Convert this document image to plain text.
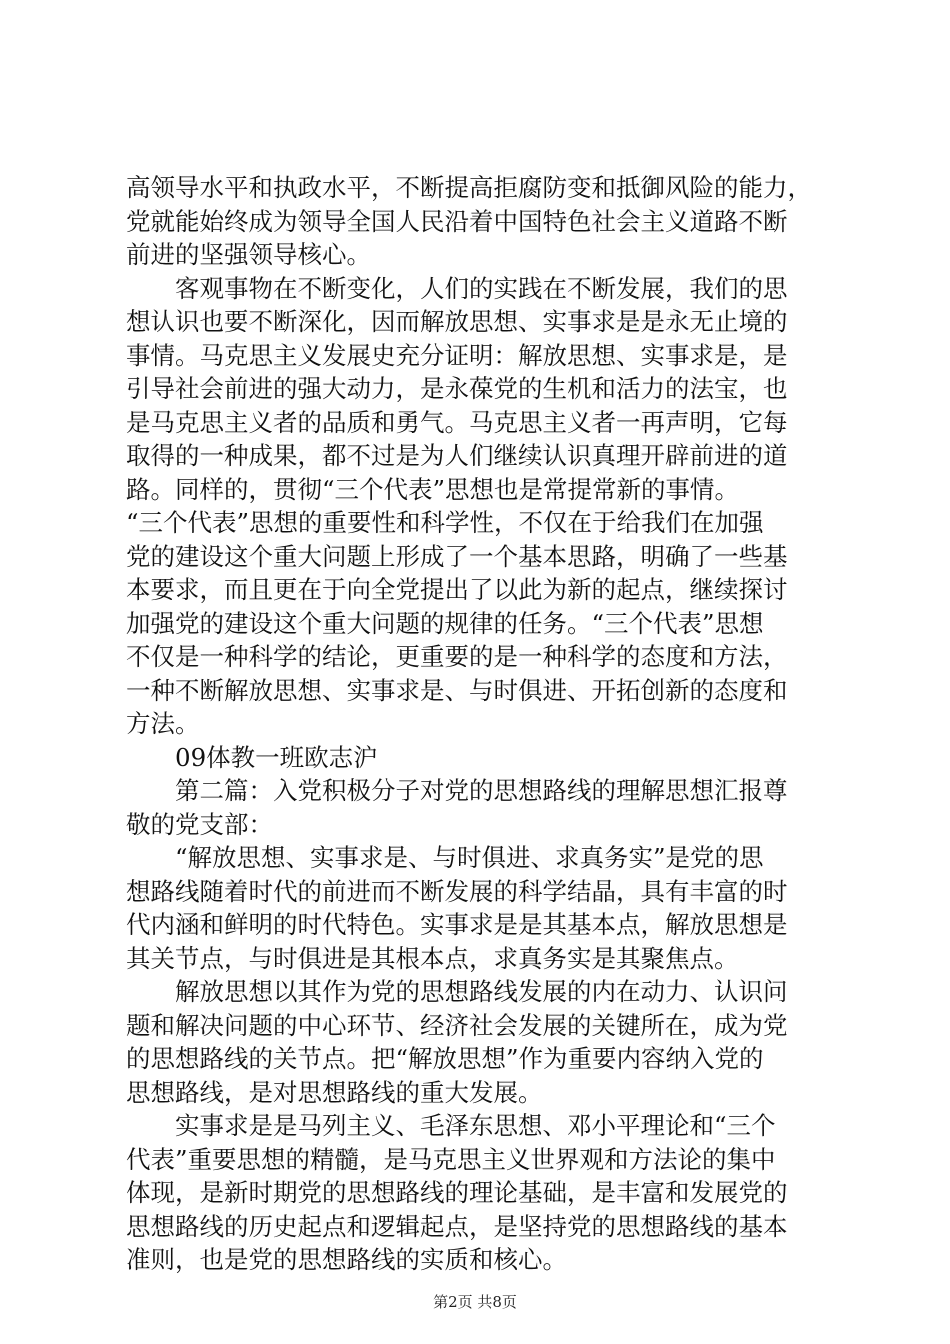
高领导水平和执政水平，不断提高拒腐防变和抵御风险的能力，
党就能始终成为领导全国人民沿着中国特色社会主义道路不断
前进的坚强领导核心。
客观事物在不断变化，人们的实践在不断发展，我们的思
想认识也要不断深化，因而解放思想、实事求是是永无止境的
事情。马克思主义发展史充分证明：解放思想、实事求是，是
引导社会前进的强大动力，是永葆党的生机和活力的法宝，也
是马克思主义者的品质和勇气。马克思主义者一再声明，它每
取得的一种成果，都不过是为人们继续认识真理开辟前进的道
路。同样的，贯彻“三个代表”思想也是常提常新的事情。
“三个代表”思想的重要性和科学性，不仅在于给我们在加强
党的建设这个重大问题上形成了一个基本思路，明确了一些基
本要求，而且更在于向全党提出了以此为新的起点，继续探讨
加强党的建设这个重大问题的规律的任务。“三个代表”思想
不仅是一种科学的结论，更重要的是一种科学的态度和方法，
一种不断解放思想、实事求是、与时俱进、开拓创新的态度和
方法。
09体教一班欧志沪
第二篇：入党积极分子对党的思想路线的理解思想汇报尊
敬的党支部：
“解放思想、实事求是、与时俱进、求真务实”是党的思
想路线随着时代的前进而不断发展的科学结晶，具有丰富的时
代内涵和鲜明的时代特色。实事求是是其基本点，解放思想是
其关节点，与时俱进是其根本点，求真务实是其聚焦点。
解放思想以其作为党的思想路线发展的内在动力、认识问
题和解决问题的中心环节、经济社会发展的关键所在，成为党
的思想路线的关节点。把“解放思想”作为重要内容纳入党的
思想路线，是对思想路线的重大发展。
实事求是是马列主义、毛泽东思想、邓小平理论和“三个
代表”重要思想的精髓，是马克思主义世界观和方法论的集中
体现，是新时期党的思想路线的理论基础，是丰富和发展党的
思想路线的历史起点和逻辑起点，是坚持党的思想路线的基本
第2页 共8页
准则，也是党的思想路线的实质和核心。
